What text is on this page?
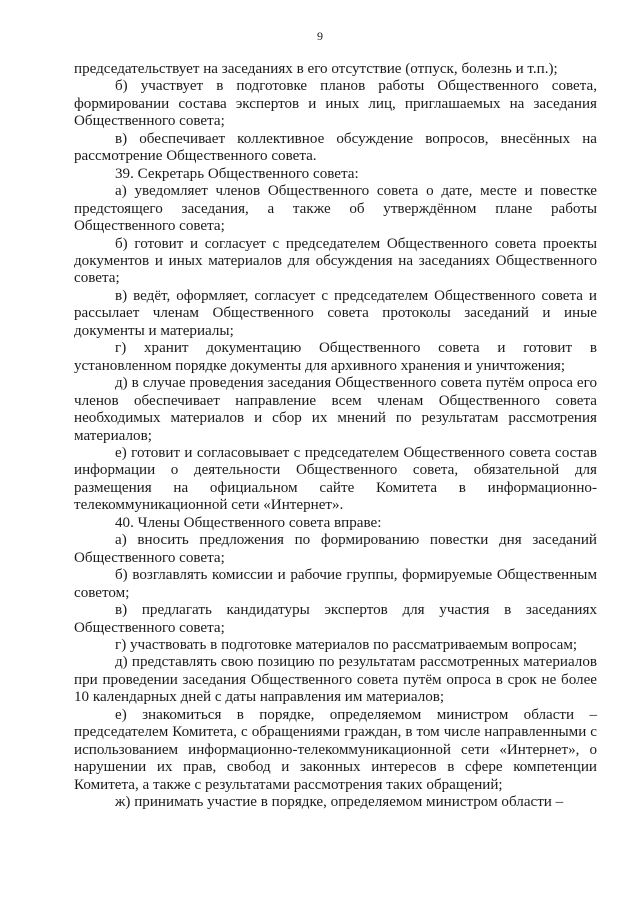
9

председательствует на заседаниях в его отсутствие (отпуск, болезнь и т.п.);

б) участвует в подготовке планов работы Общественного совета, формировании состава экспертов и иных лиц, приглашаемых на заседания Общественного совета;

в) обеспечивает коллективное обсуждение вопросов, внесённых на рассмотрение Общественного совета.

39. Секретарь Общественного совета:

а) уведомляет членов Общественного совета о дате, месте и повестке предстоящего заседания, а также об утверждённом плане работы Общественного совета;

б) готовит и согласует с председателем Общественного совета проекты документов и иных материалов для обсуждения на заседаниях Общественного совета;

в) ведёт, оформляет, согласует с председателем Общественного совета и рассылает членам Общественного совета протоколы заседаний и иные документы и материалы;

г) хранит документацию Общественного совета и готовит в установленном порядке документы для архивного хранения и уничтожения;

д) в случае проведения заседания Общественного совета путём опроса его членов обеспечивает направление всем членам Общественного совета необходимых материалов и сбор их мнений по результатам рассмотрения материалов;

е) готовит и согласовывает с председателем Общественного совета состав информации о деятельности Общественного совета, обязательной для размещения на официальном сайте Комитета в информационно-телекоммуникационной сети «Интернет».

40. Члены Общественного совета вправе:

а) вносить предложения по формированию повестки дня заседаний Общественного совета;

б) возглавлять комиссии и рабочие группы, формируемые Общественным советом;

в) предлагать кандидатуры экспертов для участия в заседаниях Общественного совета;

г) участвовать в подготовке материалов по рассматриваемым вопросам;

д) представлять свою позицию по результатам рассмотренных материалов при проведении заседания Общественного совета путём опроса в срок не более 10 календарных дней с даты направления им материалов;

е) знакомиться в порядке, определяемом министром области – председателем Комитета, с обращениями граждан, в том числе направленными с использованием информационно-телекоммуникационной сети «Интернет», о нарушении их прав, свобод и законных интересов в сфере компетенции Комитета, а также с результатами рассмотрения таких обращений;

ж) принимать участие в порядке, определяемом министром области –
